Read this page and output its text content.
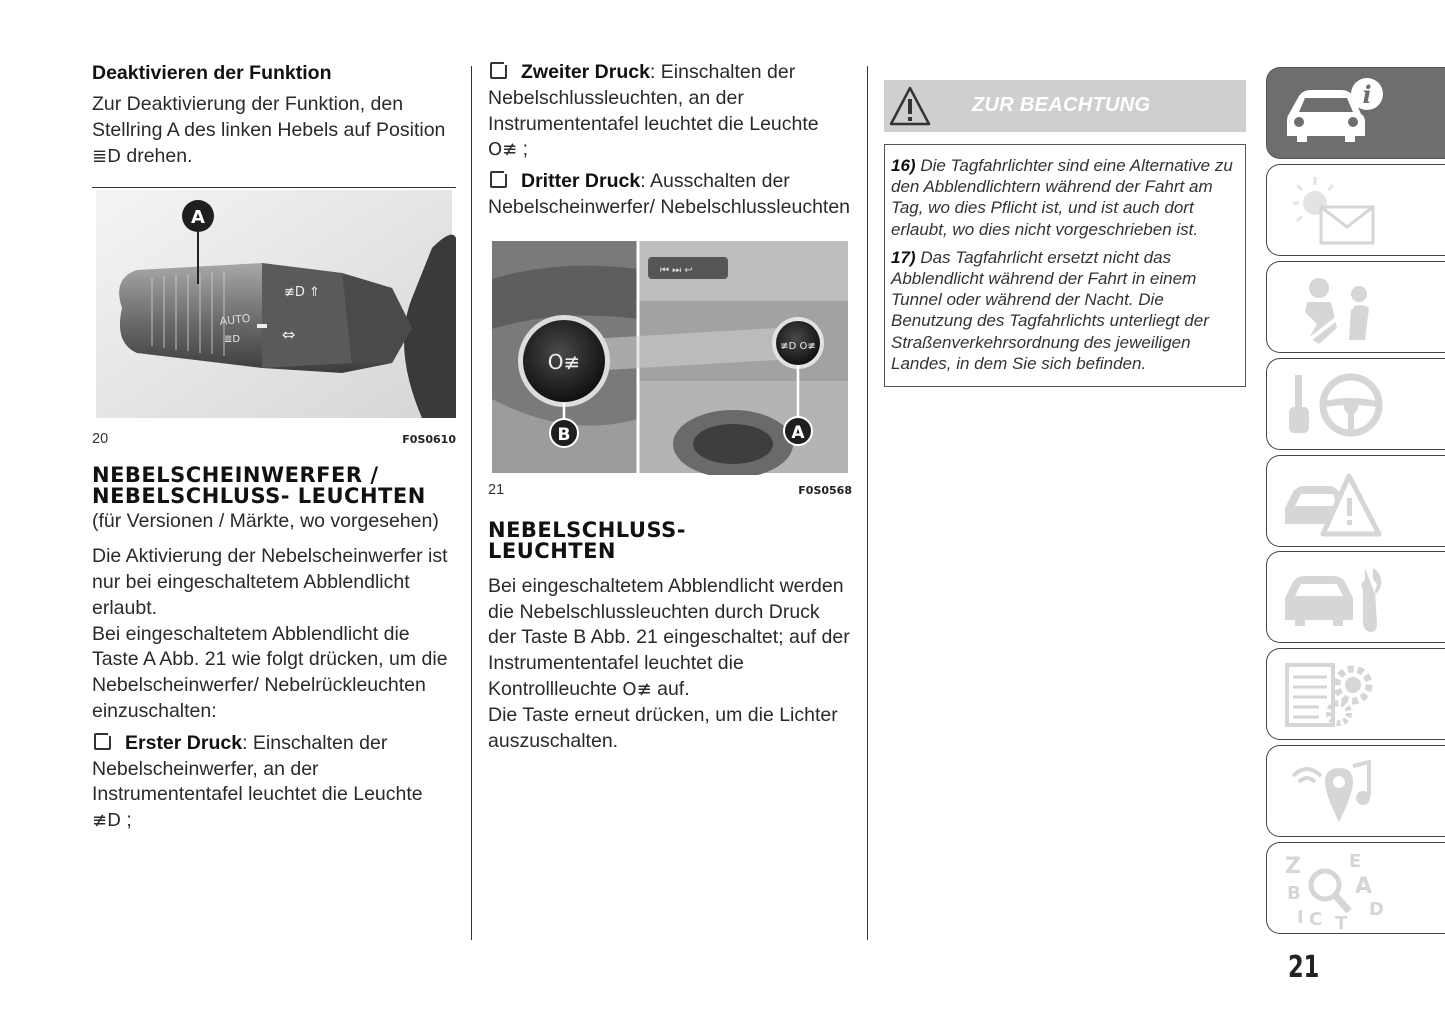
Deaktivieren der Funktion

Zur Deaktivierung der Funktion, den Stellring A des linken Hebels auf Position ≣D drehen.

AUTO
≢D ⇑
⇔
≣D
A
20	F0S0610

NEBELSCHEINWERFER / NEBELSCHLUSS- LEUCHTEN

(für Versionen / Märkte, wo vorgesehen)

Die Aktivierung der Nebelscheinwerfer ist nur bei eingeschaltetem Abblendlicht erlaubt.

Bei eingeschaltetem Abblendlicht die Taste A Abb. 21 wie folgt drücken, um die Nebelscheinwerfer/ Nebelrückleuchten einzuschalten:

Erster Druck: Einschalten der Nebelscheinwerfer, an der Instrumententafel leuchtet die Leuchte
≢D ;

Zweiter Druck: Einschalten der Nebelschlussleuchten, an der Instrumententafel leuchtet die Leuchte
O≢ ;

Dritter Druck: Ausschalten der Nebelscheinwerfer/ Nebelschlussleuchten

⏮ ⏭ ↩
O≢
≢D O≢
B	A
21	F0S0568

NEBELSCHLUSS- LEUCHTEN

Bei eingeschaltetem Abblendlicht werden die Nebelschlussleuchten durch Druck der Taste B Abb. 21 eingeschaltet; auf der Instrumententafel leuchtet die Kontrollleuchte O≢ auf.

Die Taste erneut drücken, um die Lichter auszuschalten.

ZUR BEACHTUNG

16) Die Tagfahrlichter sind eine Alternative zu den Abblendlichtern während der Fahrt am Tag, wo dies Pflicht ist, und ist auch dort erlaubt, wo dies nicht vorgeschrieben ist.

17) Das Tagfahrlicht ersetzt nicht das Abblendlicht während der Fahrt in einem Tunnel oder während der Nacht. Die Benutzung des Tagfahrlichts unterliegt der Straßenverkehrsordnung des jeweiligen Landes, in dem Sie sich befinden.

i
Z	E
B A
C	D
I T
21
